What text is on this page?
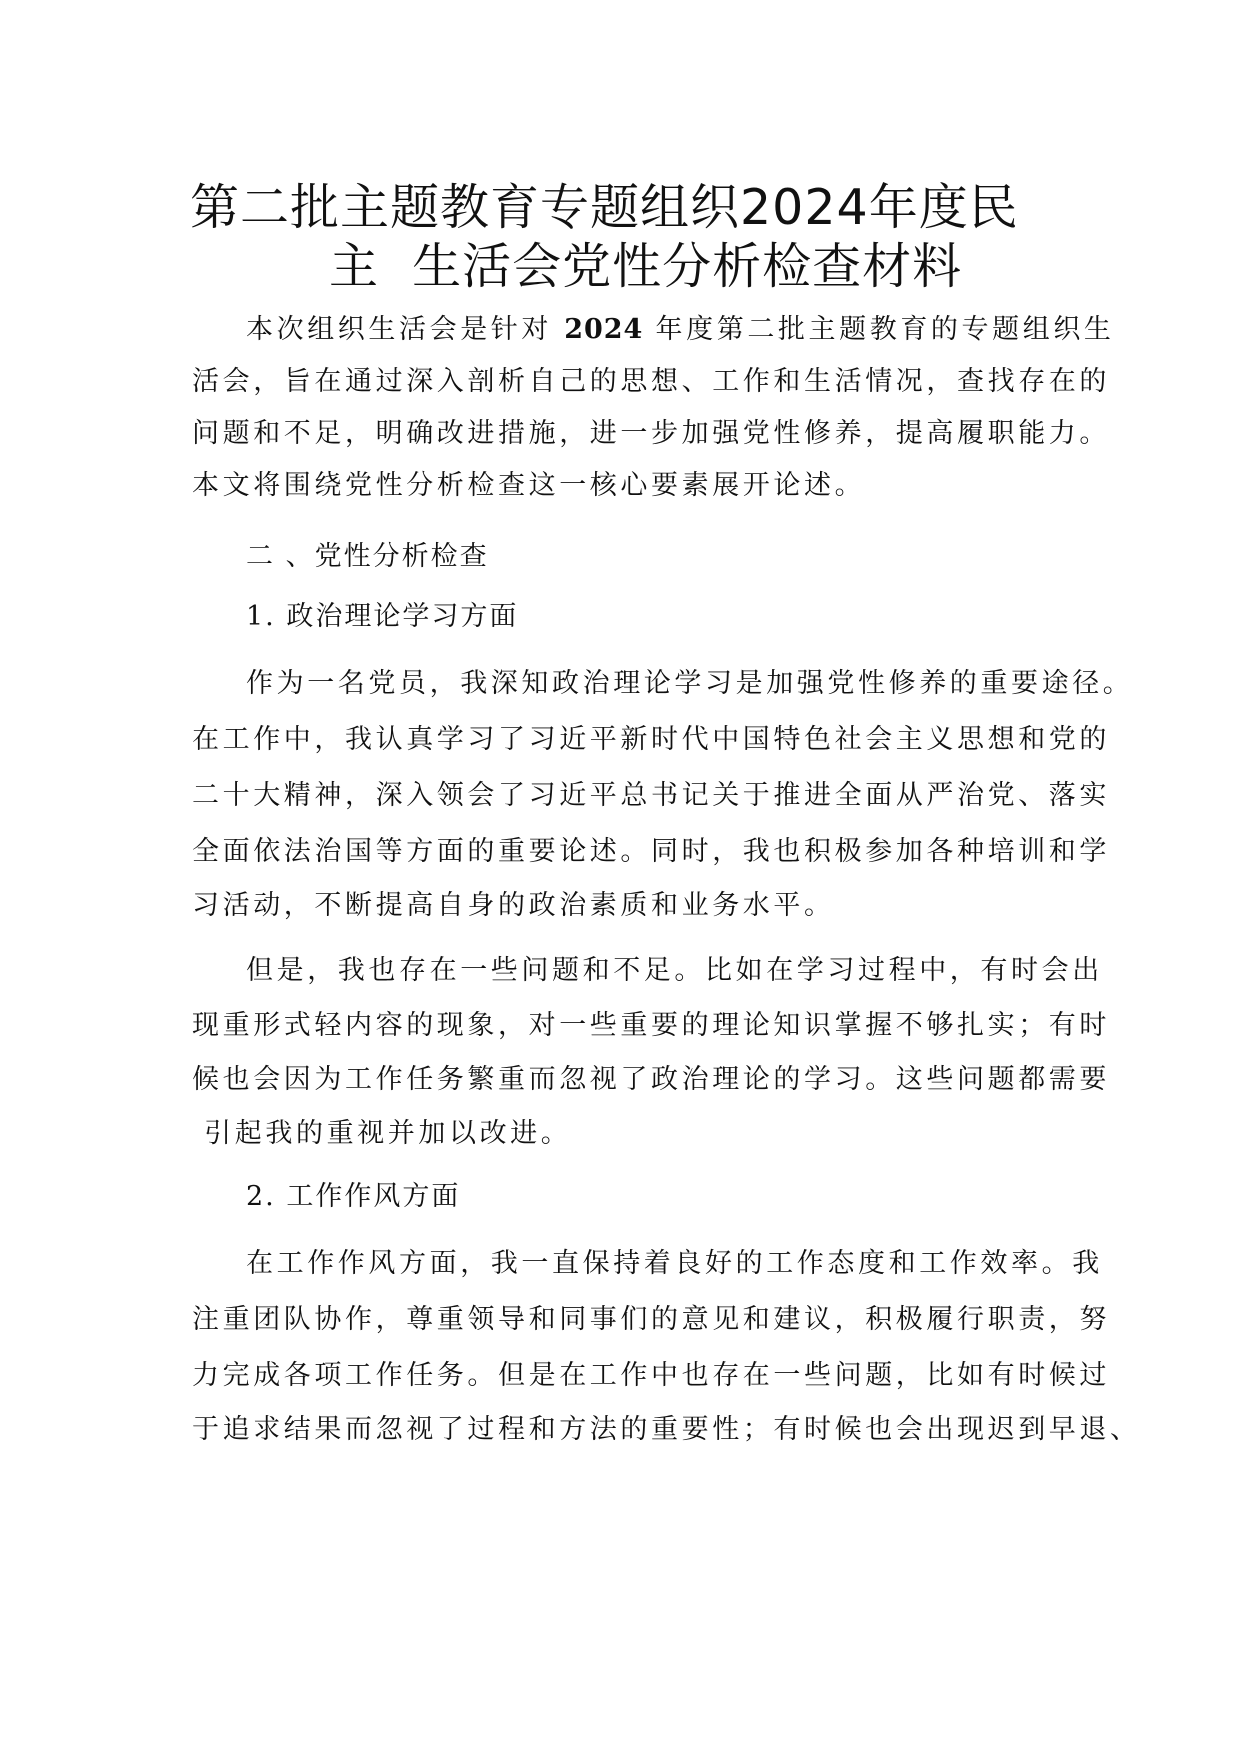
第二批主题教育专题组织2024年度民
主  生活会党性分析检查材料
本次组织生活会是针对 2024 年度第二批主题教育的专题组织生
活会，旨在通过深入剖析自己的思想、工作和生活情况，查找存在的
问题和不足，明确改进措施，进一步加强党性修养，提高履职能力。
本文将围绕党性分析检查这一核心要素展开论述。
二 、党性分析检查
1. 政治理论学习方面
作为一名党员，我深知政治理论学习是加强党性修养的重要途径。
在工作中，我认真学习了习近平新时代中国特色社会主义思想和党的
二十大精神，深入领会了习近平总书记关于推进全面从严治党、落实
全面依法治国等方面的重要论述。同时，我也积极参加各种培训和学
习活动，不断提高自身的政治素质和业务水平。
但是，我也存在一些问题和不足。比如在学习过程中，有时会出
现重形式轻内容的现象，对一些重要的理论知识掌握不够扎实；有时
候也会因为工作任务繁重而忽视了政治理论的学习。这些问题都需要
引起我的重视并加以改进。
2. 工作作风方面
在工作作风方面，我一直保持着良好的工作态度和工作效率。我
注重团队协作，尊重领导和同事们的意见和建议，积极履行职责，努
力完成各项工作任务。但是在工作中也存在一些问题，比如有时候过
于追求结果而忽视了过程和方法的重要性；有时候也会出现迟到早退、
